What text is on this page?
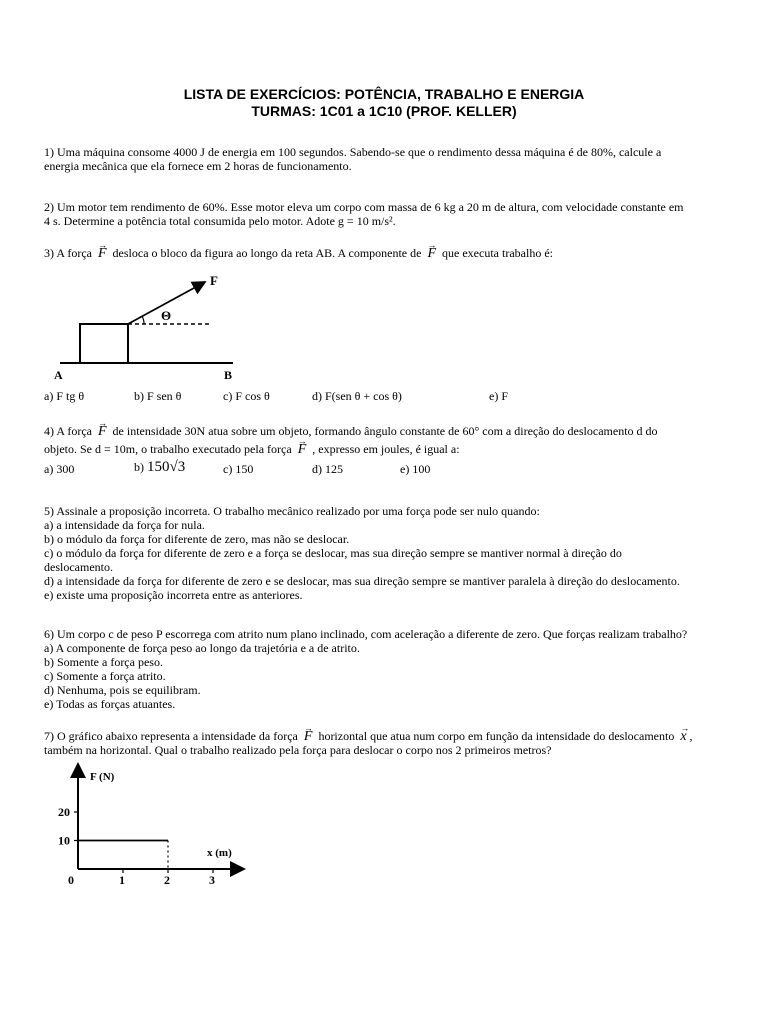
LISTA DE EXERCÍCIOS: POTÊNCIA, TRABALHO E ENERGIA
TURMAS: 1C01 a 1C10 (PROF. KELLER)
1) Uma máquina consome 4000 J de energia em 100 segundos. Sabendo-se que o rendimento dessa máquina é de 80%, calcule a
energia mecânica que ela fornece em 2 horas de funcionamento.
2) Um motor tem rendimento de 60%. Esse motor eleva um corpo com massa de 6 kg a 20 m de altura, com velocidade constante em
4 s. Determine a potência total consumida pelo motor. Adote g = 10 m/s².
3) A força → F desloca o bloco da figura ao longo da reta AB. A componente de → F que executa trabalho é:
F
Θ
A	B
a) F tg θ	b) F sen θ	c) F cos θ	d) F(sen θ + cos θ)	e) F
4) A força → F de intensidade 30N atua sobre um objeto, formando ângulo constante de 60° com a direção do deslocamento d do
objeto. Se d = 10m, o trabalho executado pela força → F , expresso em joules, é igual a:
a) 300	b) 150√3	c) 150	d) 125	e) 100
5) Assinale a proposição incorreta. O trabalho mecânico realizado por uma força pode ser nulo quando:
a) a intensidade da força for nula.
b) o módulo da força for diferente de zero, mas não se deslocar.
c) o módulo da força for diferente de zero e a força se deslocar, mas sua direção sempre se mantiver normal à direção do
deslocamento.
d) a intensidade da força for diferente de zero e se deslocar, mas sua direção sempre se mantiver paralela à direção do deslocamento.
e) existe uma proposição incorreta entre as anteriores.
6) Um corpo c de peso P escorrega com atrito num plano inclinado, com aceleração a diferente de zero. Que forças realizam trabalho?
a) A componente de força peso ao longo da trajetória e a de atrito.
b) Somente a força peso.
c) Somente a força atrito.
d) Nenhuma, pois se equilibram.
e) Todas as forças atuantes.
7) O gráfico abaixo representa a intensidade da força → F horizontal que atua num corpo em função da intensidade do deslocamento → x ,
também na horizontal. Qual o trabalho realizado pela força para deslocar o corpo nos 2 primeiros metros?
F (N)
x (m)
10
20
0	1	2	3
